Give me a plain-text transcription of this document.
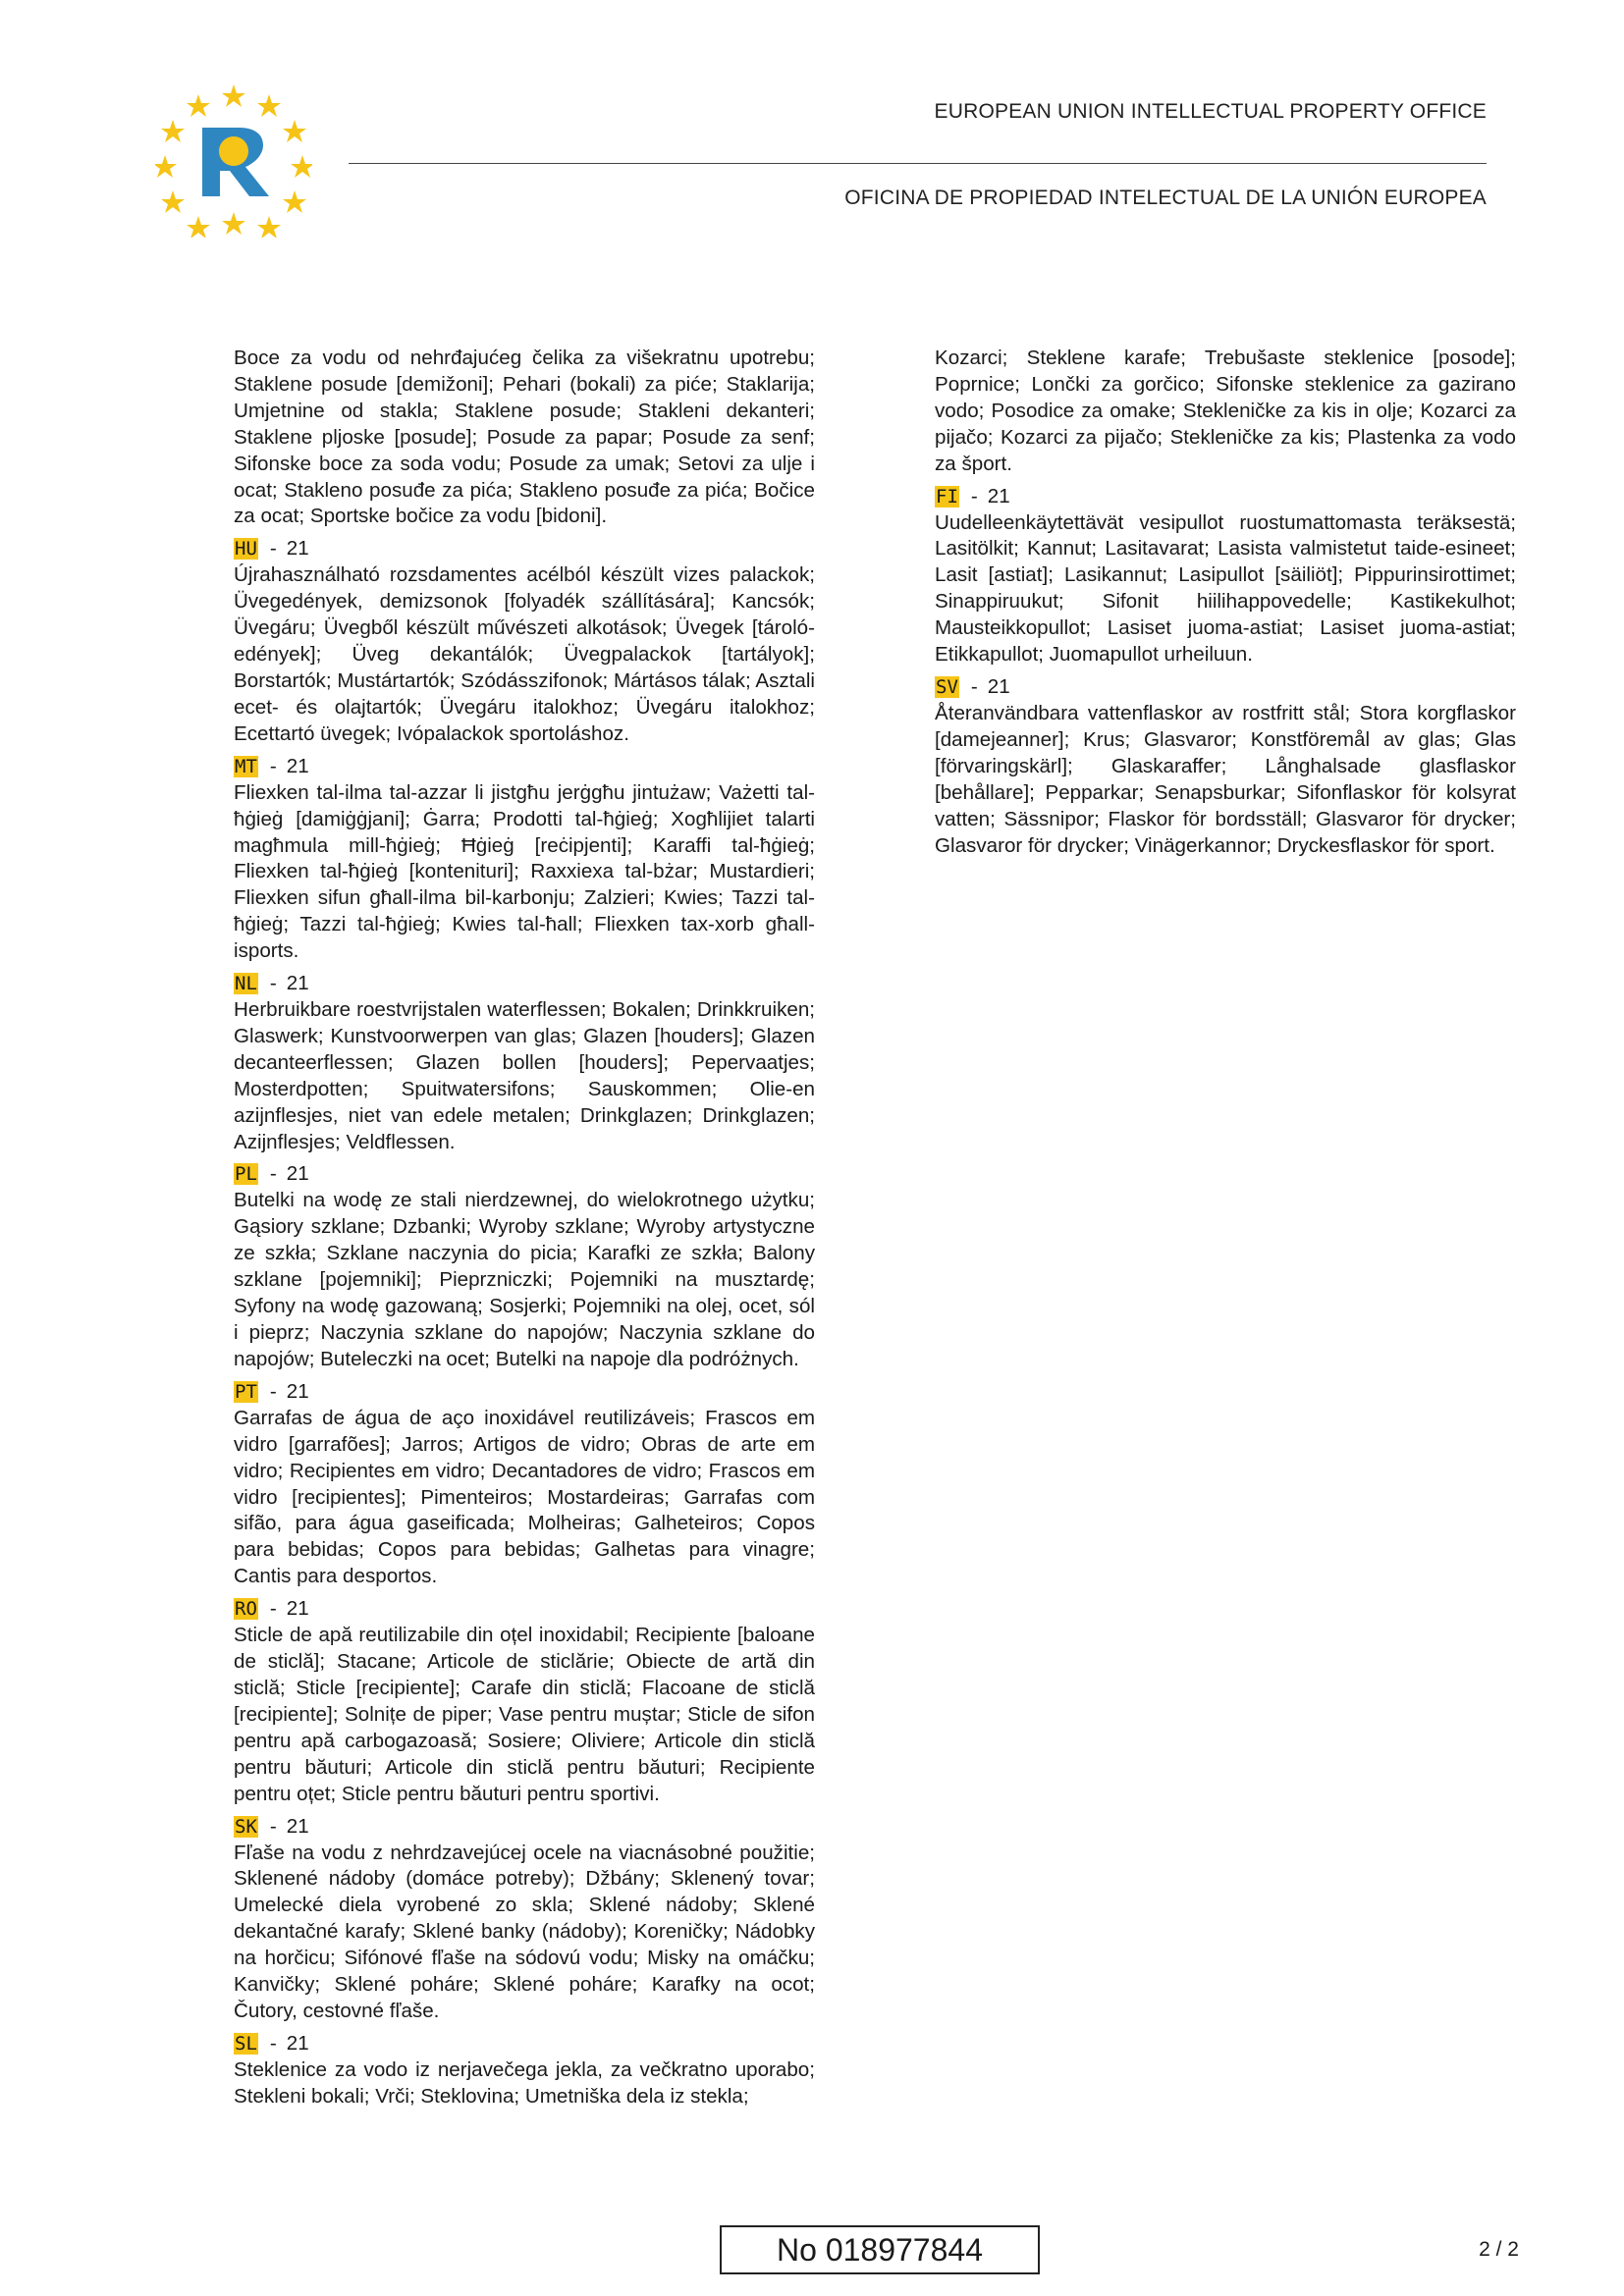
EUROPEAN UNION INTELLECTUAL PROPERTY OFFICE
OFICINA DE PROPIEDAD INTELECTUAL DE LA UNIÓN EUROPEA

Boce za vodu od nehrđajućeg čelika za višekratnu upotrebu; Staklene posude [demižoni]; Pehari (bokali) za piće; Staklarija; Umjetnine od stakla; Staklene posude; Stakleni dekanteri; Staklene pljoske [posude]; Posude za papar; Posude za senf; Sifonske boce za soda vodu; Posude za umak; Setovi za ulje i ocat; Stakleno posuđe za pića; Stakleno posuđe za pića; Bočice za ocat; Sportske bočice za vodu [bidoni].

HU - 21

Újrahasználható rozsdamentes acélból készült vizes palackok; Üvegedények, demizsonok [folyadék szállítására]; Kancsók; Üvegáru; Üvegből készült művészeti alkotások; Üvegek [tárolóedények]; Üveg dekantálók; Üvegpalackok [tartályok]; Borstartók; Mustártartók; Szódásszifonok; Mártásos tálak; Asztali ecet- és olajtartók; Üvegáru italokhoz; Üvegáru italokhoz; Ecettartó üvegek; Ivópalackok sportoláshoz.

MT - 21

Fliexken tal-ilma tal-azzar li jistgħu jerġgħu jintużaw; Vażetti tal-ħġieġ [damiġġjani]; Ġarra; Prodotti tal-ħġieġ; Xogħlijiet talarti magħmula mill-ħġieġ; Ħġieġ [reċipjenti]; Karaffi tal-ħġieġ; Fliexken tal-ħġieġ [kontenituri]; Raxxiexa tal-bżar; Mustardieri; Fliexken sifun għall-ilma bil-karbonju; Zalzieri; Kwies; Tazzi tal-ħġieġ; Tazzi tal-ħġieġ; Kwies tal-ħall; Fliexken tax-xorb għall-isports.

NL - 21

Herbruikbare roestvrijstalen waterflessen; Bokalen; Drinkkruiken; Glaswerk; Kunstvoorwerpen van glas; Glazen [houders]; Glazen decanteerflessen; Glazen bollen [houders]; Pepervaatjes; Mosterdpotten; Spuitwatersifons; Sauskommen; Olie-en azijnflesjes, niet van edele metalen; Drinkglazen; Drinkglazen; Azijnflesjes; Veldflessen.

PL - 21

Butelki na wodę ze stali nierdzewnej, do wielokrotnego użytku; Gąsiory szklane; Dzbanki; Wyroby szklane; Wyroby artystyczne ze szkła; Szklane naczynia do picia; Karafki ze szkła; Balony szklane [pojemniki]; Pieprzniczki; Pojemniki na musztardę; Syfony na wodę gazowaną; Sosjerki; Pojemniki na olej, ocet, sól i pieprz; Naczynia szklane do napojów; Naczynia szklane do napojów; Buteleczki na ocet; Butelki na napoje dla podróżnych.

PT - 21

Garrafas de água de aço inoxidável reutilizáveis; Frascos em vidro [garrafões]; Jarros; Artigos de vidro; Obras de arte em vidro; Recipientes em vidro; Decantadores de vidro; Frascos em vidro [recipientes]; Pimenteiros; Mostardeiras; Garrafas com sifão, para água gaseificada; Molheiras; Galheteiros; Copos para bebidas; Copos para bebidas; Galhetas para vinagre; Cantis para desportos.

RO - 21

Sticle de apă reutilizabile din oțel inoxidabil; Recipiente [baloane de sticlă]; Stacane; Articole de sticlărie; Obiecte de artă din sticlă; Sticle [recipiente]; Carafe din sticlă; Flacoane de sticlă [recipiente]; Solnițe de piper; Vase pentru muștar; Sticle de sifon pentru apă carbogazoasă; Sosiere; Oliviere; Articole din sticlă pentru băuturi; Articole din sticlă pentru băuturi; Recipiente pentru oțet; Sticle pentru băuturi pentru sportivi.

SK - 21

Fľaše na vodu z nehrdzavejúcej ocele na viacnásobné použitie; Sklenené nádoby (domáce potreby); Džbány; Sklenený tovar; Umelecké diela vyrobené zo skla; Sklené nádoby; Sklené dekantačné karafy; Sklené banky (nádoby); Koreničky; Nádobky na horčicu; Sifónové fľaše na sódovú vodu; Misky na omáčku; Kanvičky; Sklené poháre; Sklené poháre; Karafky na ocot; Čutory, cestovné fľaše.

SL - 21

Steklenice za vodo iz nerjavečega jekla, za večkratno uporabo; Stekleni bokali; Vrči; Steklovina; Umetniška dela iz stekla;

Kozarci; Steklene karafe; Trebušaste steklenice [posode]; Poprnice; Lončki za gorčico; Sifonske steklenice za gazirano vodo; Posodice za omake; Stekleničke za kis in olje; Kozarci za pijačo; Kozarci za pijačo; Stekleničke za kis; Plastenka za vodo za šport.

FI - 21

Uudelleenkäytettävät vesipullot ruostumattomasta teräksestä; Lasitölkit; Kannut; Lasitavarat; Lasista valmistetut taide-esineet; Lasit [astiat]; Lasikannut; Lasipullot [säiliöt]; Pippurinsirottimet; Sinappiruukut; Sifonit hiilihappovedelle; Kastikekulhot; Mausteikkopullot; Lasiset juoma-astiat; Lasiset juoma-astiat; Etikkapullot; Juomapullot urheiluun.

SV - 21

Återanvändbara vattenflaskor av rostfritt stål; Stora korgflaskor [damejeanner]; Krus; Glasvaror; Konstföremål av glas; Glas [förvaringskärl]; Glaskaraffer; Långhalsade glasflaskor [behållare]; Pepparkar; Senapsburkar; Sifonflaskor för kolsyrat vatten; Sässnipor; Flaskor för bordsställ; Glasvaror för drycker; Glasvaror för drycker; Vinägerkannor; Dryckesflaskor för sport.

No 018977844	2 / 2
